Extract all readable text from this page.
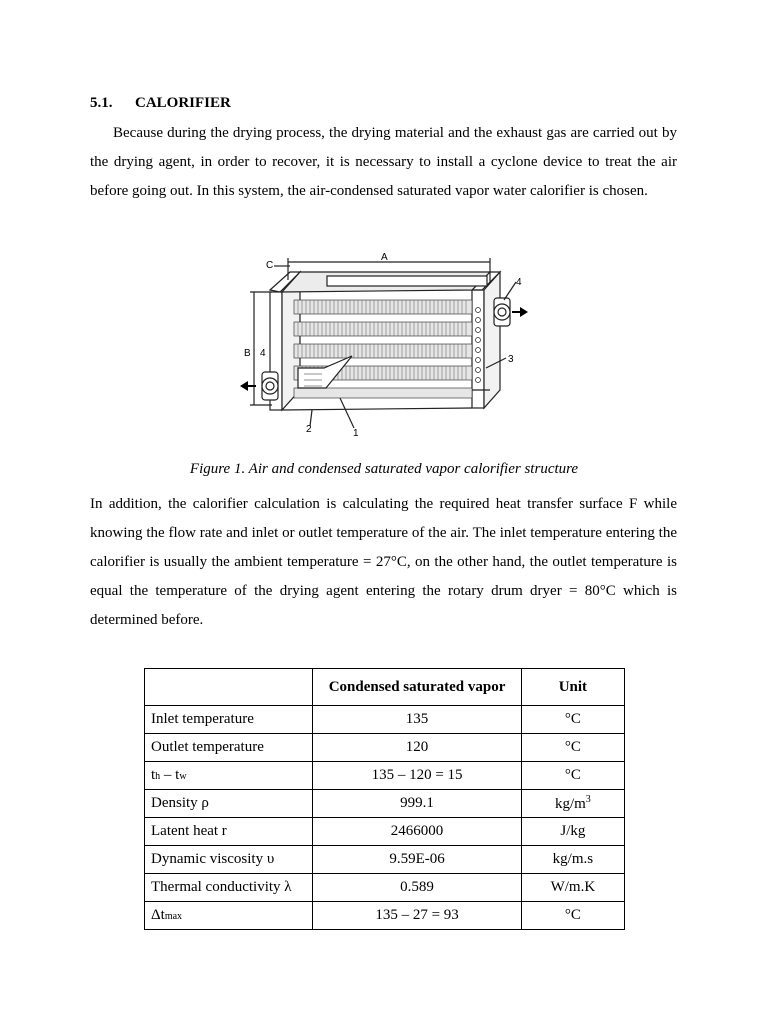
5.1. CALORIFIER

Because during the drying process, the drying material and the exhaust gas are carried out by the drying agent, in order to recover, it is necessary to install a cyclone device to treat the air before going out. In this system, the air-condensed saturated vapor water calorifier is chosen.

A
C
B 4
4
3
2	1
Figure 1. Air and condensed saturated vapor calorifier structure

In addition, the calorifier calculation is calculating the required heat transfer surface F while knowing the flow rate and inlet or outlet temperature of the air. The inlet temperature entering the calorifier is usually the ambient temperature = 27°C, on the other hand, the outlet temperature is equal the temperature of the drying agent entering the rotary drum dryer = 80°C which is determined before.

	Condensed saturated vapor	Unit
Inlet temperature	135	°C
Outlet temperature	120	°C
th – tw	135 – 120 = 15	°C
Density ρ	999.1	$kg/m^3$
Latent heat r	2466000	J/kg
Dynamic viscosity υ	9.59E-06	kg/m.s
Thermal conductivity λ	0.589	W/m.K
Δtmax	135 – 27 = 93	°C
